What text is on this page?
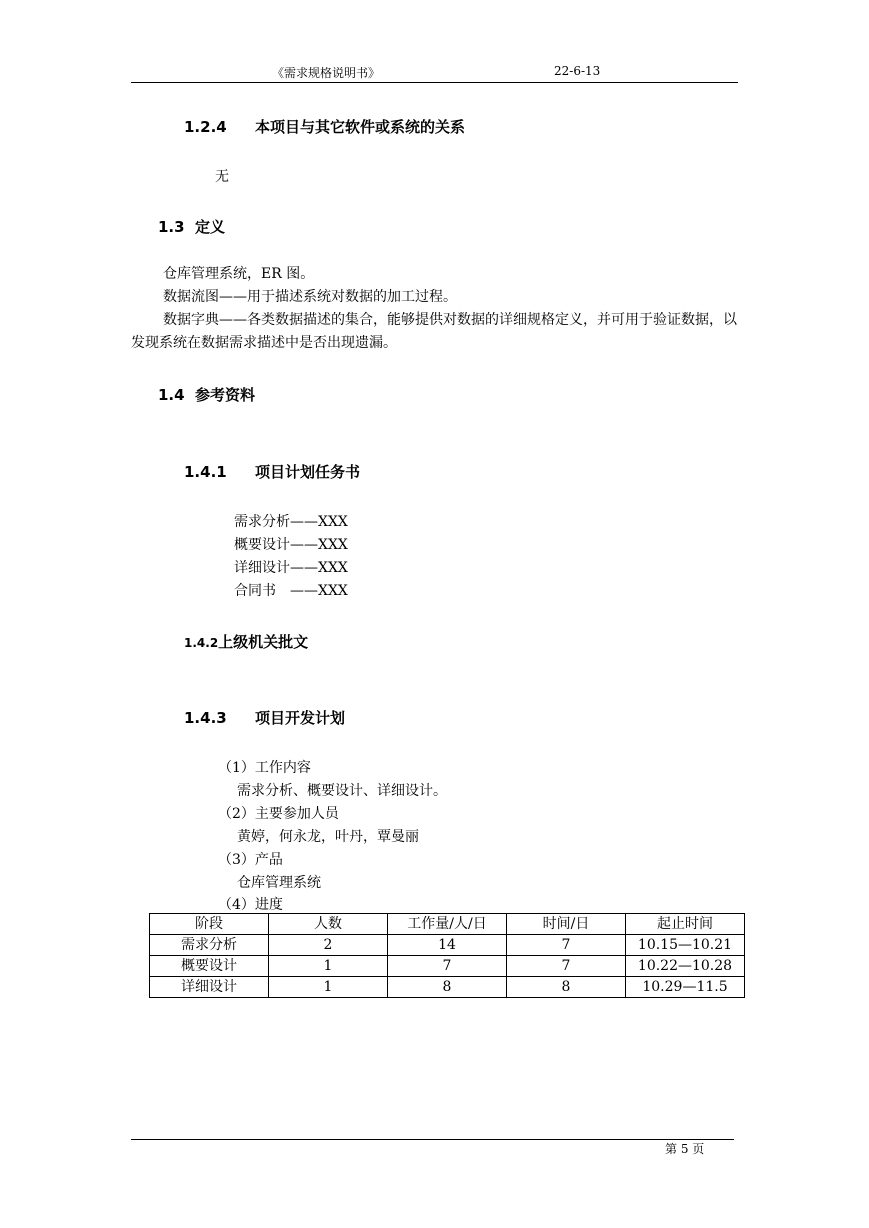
《需求规格说明书》	22-6-13
1.2.4 本项目与其它软件或系统的关系
无
1.3 定义

仓库管理系统，ER 图。

数据流图——用于描述系统对数据的加工过程。

数据字典——各类数据描述的集合，能够提供对数据的详细规格定义，并可用于验证数据，以发现系统在数据需求描述中是否出现遗漏。

1.4 参考资料
1.4.1 项目计划任务书
需求分析——XXX
概要设计——XXX
详细设计——XXX
合同书　——XXX
1.4.2上级机关批文
1.4.3 项目开发计划
（1）工作内容
需求分析、概要设计、详细设计。
（2）主要参加人员
黄婷，何永龙，叶丹，覃曼丽
（3）产品
仓库管理系统
（4）进度
阶段	人数	工作量/人/日	时间/日	起止时间
需求分析	2	14	7	10.15—10.21
概要设计	1	7	7	10.22—10.28
详细设计	1	8	8	10.29—11.5
第 5 页
